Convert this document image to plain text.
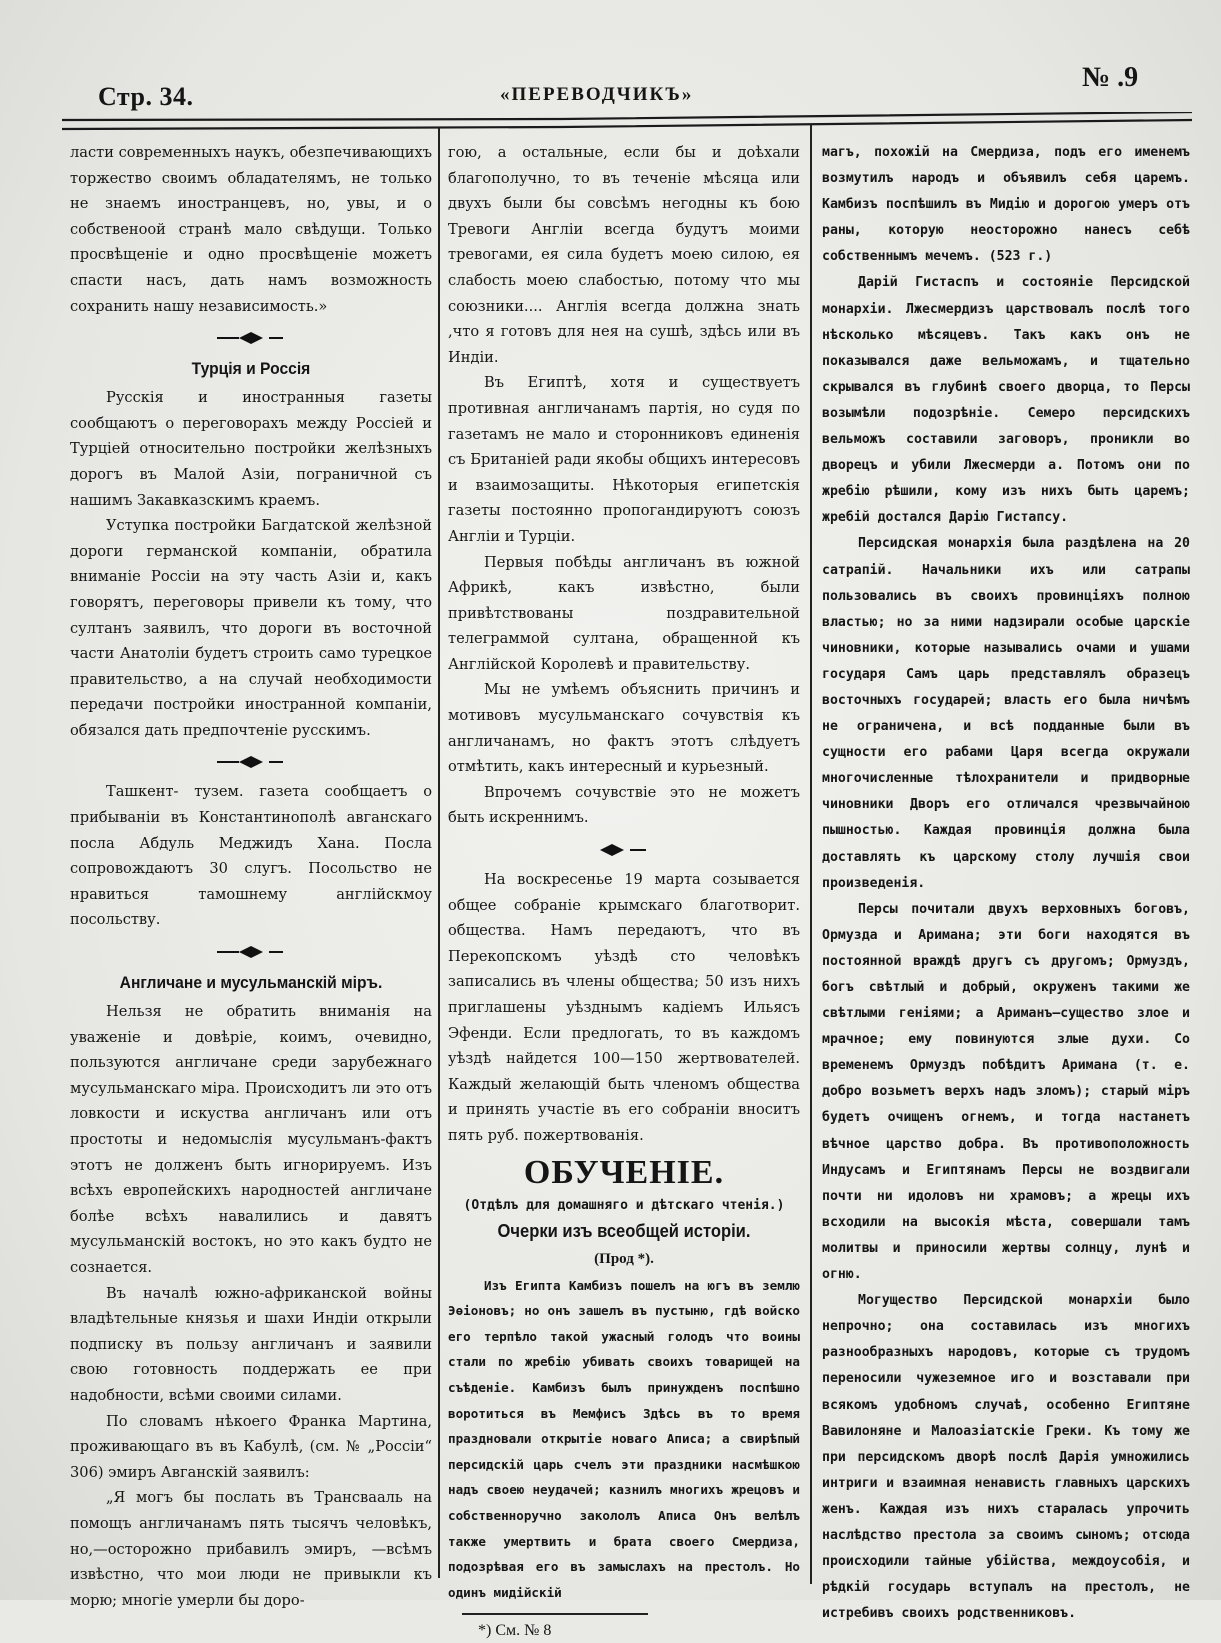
Стр. 34.	«ПЕРЕВОДЧИКЪ»
№ .9

ласти современныхъ наукъ, обезпечивающихъ торжество своимъ обладателямъ, не только не знаемъ иностранцевъ, но, увы, и о собственоой странѣ мало свѣдущи. Только просвѣщеніе и одно просвѣщеніе можетъ спасти насъ, дать намъ возможность сохранить нашу независимость.»

Турція и Россія

Русскія и иностранныя газеты сообщаютъ о переговорахъ между Россіей и Турціей относительно постройки желѣзныхъ дорогъ въ Малой Азіи, пограничной съ нашимъ Закавказскимъ краемъ.

Уступка постройки Багдатской желѣзной дороги германской компаніи, обратила вниманіе Россіи на эту часть Азіи и, какъ говорятъ, переговоры привели къ тому, что султанъ заявилъ, что дороги въ восточной части Анатоліи будетъ строить само турецкое правительство, а на случай необходимости передачи постройки иностранной компаніи, обязался дать предпочтеніе русскимъ.

Ташкент- тузем. газета сообщаетъ о прибываніи въ Константинополѣ авганскаго посла Абдуль Меджидъ Хана. Посла сопровождаютъ 30 слугъ. Посольство не нравиться тамошнему англійскмоу посольству.

Англичане и мусульманскій міръ.

Нельзя не обратить вниманія на уваженіе и довѣріе, коимъ, очевидно, пользуются англичане среди зарубежнаго мусульманскаго міра. Происходитъ ли это отъ ловкости и искуства англичанъ или отъ простоты и недомыслія мусульманъ-фактъ этотъ не долженъ быть игнорируемъ. Изъ всѣхъ европейскихъ народностей англичане болѣе всѣхъ навалились и давятъ мусульманскій востокъ, но это какъ будто не сознается.

Въ началѣ южно-африканской войны владѣтельные князья и шахи Индіи открыли подписку въ пользу англичанъ и заявили свою готовность поддержать ее при надобности, всѣми своими силами.

По словамъ нѣкоего Франка Мартина, проживающаго въ въ Кабулѣ, (см. № „Россіи“ 306) эмиръ Авганскій заявилъ:

„Я могъ бы послать въ Трансвааль на помощъ англичанамъ пять тысячъ человѣкъ, но,—осторожно прибавилъ эмиръ, —всѣмъ извѣстно, что мои люди не привыкли къ морю; многіе умерли бы доро-

гою, а остальные, если бы и доѣхали благополучно, то въ теченіе мѣсяца или двухъ были бы совсѣмъ негодны къ бою Тревоги Англіи всегда будутъ моими тревогами, ея сила будетъ моею силою, ея слабость моею слабостью, потому что мы союзники.... Англія всегда должна знать ,что я готовъ для нея на сушѣ, здѣсь или въ Индіи.

Въ Египтѣ, хотя и существуетъ противная англичанамъ партія, но судя по газетамъ не мало и сторонниковъ единенія съ Британіей ради якобы общихъ интересовъ и взаимозащиты. Нѣкоторыя египетскія газеты постоянно пропогандируютъ союзъ Англіи и Турціи.

Первыя побѣды англичанъ въ южной Африкѣ, какъ извѣстно, были привѣтствованы поздравительной телеграммой султана, обращенной къ Англійской Королевѣ и правительству.

Мы не умѣемъ объяснить причинъ и мотивовъ мусульманскаго сочувствія къ англичанамъ, но фактъ этотъ слѣдуетъ отмѣтить, какъ интересный и курьезный.

Впрочемъ сочувствіе это не можетъ быть искреннимъ.

На воскресенье 19 марта созывается общее собраніе крымскаго благотворит. общества. Намъ передаютъ, что въ Перекопскомъ уѣздѣ сто человѣкъ записались въ члены общества; 50 изъ нихъ приглашены уѣзднымъ кадіемъ Ильясъ Эфенди. Если предлогать, то въ каждомъ уѣздѣ найдется 100—150 жертвователей. Каждый желающій быть членомъ общества и принять участіе въ его собраніи вноситъ пять руб. пожертвованія.

ОБУЧЕНІЕ.
(Отдѣлъ для домашняго и дѣтскаго чтенія.)
Очерки изъ всеобщей исторіи.
(Прод *).

Изъ Египта Камбизъ пошелъ на югъ въ землю Эѳіоновъ; но онъ зашелъ въ пустыню, гдѣ войско его терпѣло такой ужасный голодъ что воины стали по жребію убивать своихъ товарищей на съѣденіе. Камбизъ былъ принужденъ поспѣшно воротиться въ Мемфисъ Здѣсь въ то время праздновали открытіе новаго Аписа; а свирѣпый персидскій царь счелъ эти праздники насмѣшкою надъ своею неудачей; казнилъ многихъ жрецовъ и собственноручно закололъ Аписа Онъ велѣлъ также умертвить и брата своего Смердиза, подозрѣвая его въ замыслахъ на престолъ. Но одинъ мидійскій

*) См. № 8

магъ, похожій на Смердиза, подъ его именемъ возмутилъ народъ и объявилъ себя царемъ. Камбизъ поспѣшилъ въ Мидію и дорогою умеръ отъ раны, которую неосторожно нанесъ себѣ собственнымъ мечемъ. (523 г.)

Дарій Гистаспъ и состояніе Персидской монархіи. Лжесмердизъ царствовалъ послѣ того нѣсколько мѣсяцевъ. Такъ какъ онъ не показывался даже вельможамъ, и тщательно скрывался въ глубинѣ своего дворца, то Персы возымѣли подозрѣніе. Семеро персидскихъ вельможъ составили заговоръ, проникли во дворецъ и убили Лжесмерди а. Потомъ они по жребію рѣшили, кому изъ нихъ быть царемъ; жребій достался Дарію Гистапсу.

Персидская монархія была раздѣлена на 20 сатрапій. Начальники ихъ или сатрапы пользовались въ своихъ провинціяхъ полною властью; но за ними надзирали особые царскіе чиновники, которые назывались очами и ушами государя Самъ царь представлялъ образецъ восточныхъ государей; власть его была ничѣмъ не ограничена, и всѣ подданные были въ сущности его рабами Царя всегда окружали многочисленные тѣлохранители и придворные чиновники Дворъ его отличался чрезвычайною пышностью. Каждая провинція должна была доставлять къ царскому столу лучшія свои произведенія.

Персы почитали двухъ верховныхъ боговъ, Ормузда и Аримана; эти боги находятся въ постоянной враждѣ другъ съ другомъ; Ормуздъ, богъ свѣтлый и добрый, окруженъ такими же свѣтлыми геніями; а Ариманъ—существо злое и мрачное; ему повинуются злые духи. Со временемъ Ормуздъ побѣдитъ Аримана (т. е. добро возьметъ верхъ надъ зломъ); старый міръ будетъ очищенъ огнемъ, и тогда настанетъ вѣчное царство добра. Въ противоположность Индусамъ и Египтянамъ Персы не воздвигали почти ни идоловъ ни храмовъ; а жрецы ихъ всходили на высокія мѣста, совершали тамъ молитвы и приносили жертвы солнцу, лунѣ и огню.

Могущество Персидской монархіи было непрочно; она составилась изъ многихъ разнообразныхъ народовъ, которые съ трудомъ переносили чужеземное иго и возставали при всякомъ удобномъ случаѣ, особенно Египтяне Вавилоняне и Малоазіатскіе Греки. Къ тому же при персидскомъ дворѣ послѣ Дарія умножились интриги и взаимная ненависть главныхъ царскихъ женъ. Каждая изъ нихъ старалась упрочить наслѣдство престола за своимъ сыномъ; отсюда происходили тайные убійства, междоусобія, и рѣдкій государь вступалъ на престолъ, не истребивъ своихъ родственниковъ.
